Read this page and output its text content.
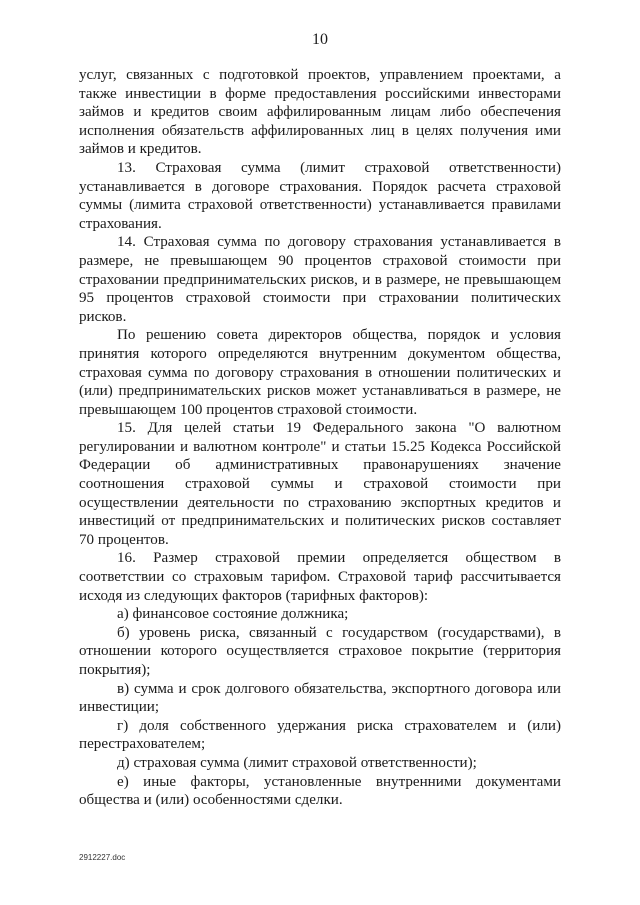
10

услуг, связанных с подготовкой проектов, управлением проектами, а также инвестиции в форме предоставления российскими инвесторами займов и кредитов своим аффилированным лицам либо обеспечения исполнения обязательств аффилированных лиц в целях получения ими займов и кредитов.

13. Страховая сумма (лимит страховой ответственности) устанавливается в договоре страхования. Порядок расчета страховой суммы (лимита страховой ответственности) устанавливается правилами страхования.

14. Страховая сумма по договору страхования устанавливается в размере, не превышающем 90 процентов страховой стоимости при страховании предпринимательских рисков, и в размере, не превышающем 95 процентов страховой стоимости при страховании политических рисков.

По решению совета директоров общества, порядок и условия принятия которого определяются внутренним документом общества, страховая сумма по договору страхования в отношении политических и (или) предпринимательских рисков может устанавливаться в размере, не превышающем 100 процентов страховой стоимости.

15. Для целей статьи 19 Федерального закона "О валютном регулировании и валютном контроле" и статьи 15.25 Кодекса Российской Федерации об административных правонарушениях значение соотношения страховой суммы и страховой стоимости при осуществлении деятельности по страхованию экспортных кредитов и инвестиций от предпринимательских и политических рисков составляет 70 процентов.

16. Размер страховой премии определяется обществом в соответствии со страховым тарифом. Страховой тариф рассчитывается исходя из следующих факторов (тарифных факторов):

а) финансовое состояние должника;

б) уровень риска, связанный с государством (государствами), в отношении которого осуществляется страховое покрытие (территория покрытия);

в) сумма и срок долгового обязательства, экспортного договора или инвестиции;

г) доля собственного удержания риска страхователем и (или) перестрахователем;

д) страховая сумма (лимит страховой ответственности);

е) иные факторы, установленные внутренними документами общества и (или) особенностями сделки.

2912227.doc
